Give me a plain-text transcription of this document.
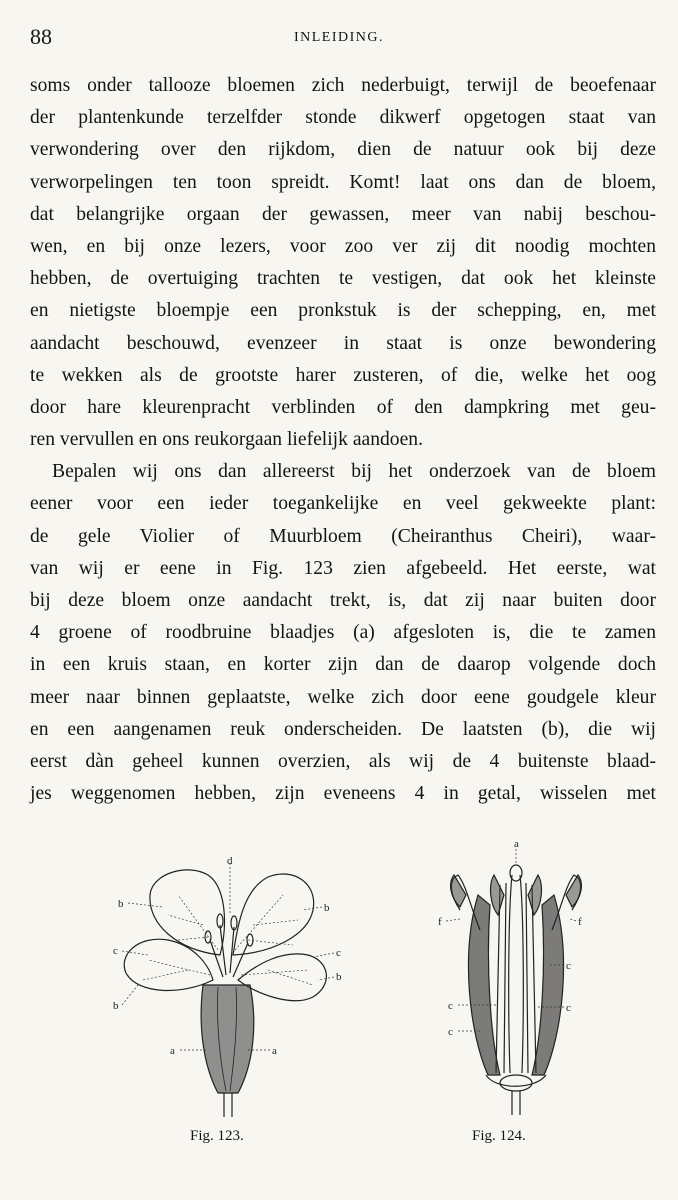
88	INLEIDING.
soms onder tallooze bloemen zich nederbuigt, terwijl de beoefenaar
der plantenkunde terzelfder stonde dikwerf opgetogen staat van
verwondering over den rijkdom, dien de natuur ook bij deze
verworpelingen ten toon spreidt. Komt! laat ons dan de bloem,
dat belangrijke orgaan der gewassen, meer van nabij beschou-
wen, en bij onze lezers, voor zoo ver zij dit noodig mochten
hebben, de overtuiging trachten te vestigen, dat ook het kleinste
en nietigste bloempje een pronkstuk is der schepping, en, met
aandacht beschouwd, evenzeer in staat is onze bewondering
te wekken als de grootste harer zusteren, of die, welke het oog
door hare kleurenpracht verblinden of den dampkring met geu-
ren vervullen en ons reukorgaan liefelijk aandoen.
Bepalen wij ons dan allereerst bij het onderzoek van de bloem
eener voor een ieder toegankelijke en veel gekweekte plant:
de gele Violier of Muurbloem (Cheiranthus Cheiri), waar-
van wij er eene in Fig. 123 zien afgebeeld. Het eerste, wat
bij deze bloem onze aandacht trekt, is, dat zij naar buiten door
4 groene of roodbruine blaadjes (a) afgesloten is, die te zamen
in een kruis staan, en korter zijn dan de daarop volgende doch
meer naar binnen geplaatste, welke zich door eene goudgele kleur
en een aangenamen reuk onderscheiden. De laatsten (b), die wij
eerst dàn geheel kunnen overzien, als wij de 4 buitenste blaad-
jes weggenomen hebben, zijn eveneens 4 in getal, wisselen met
d
b	b
c	c
b
b
a	a
Fig. 123.
a
f	f
c
c	c
c
Fig. 124.
